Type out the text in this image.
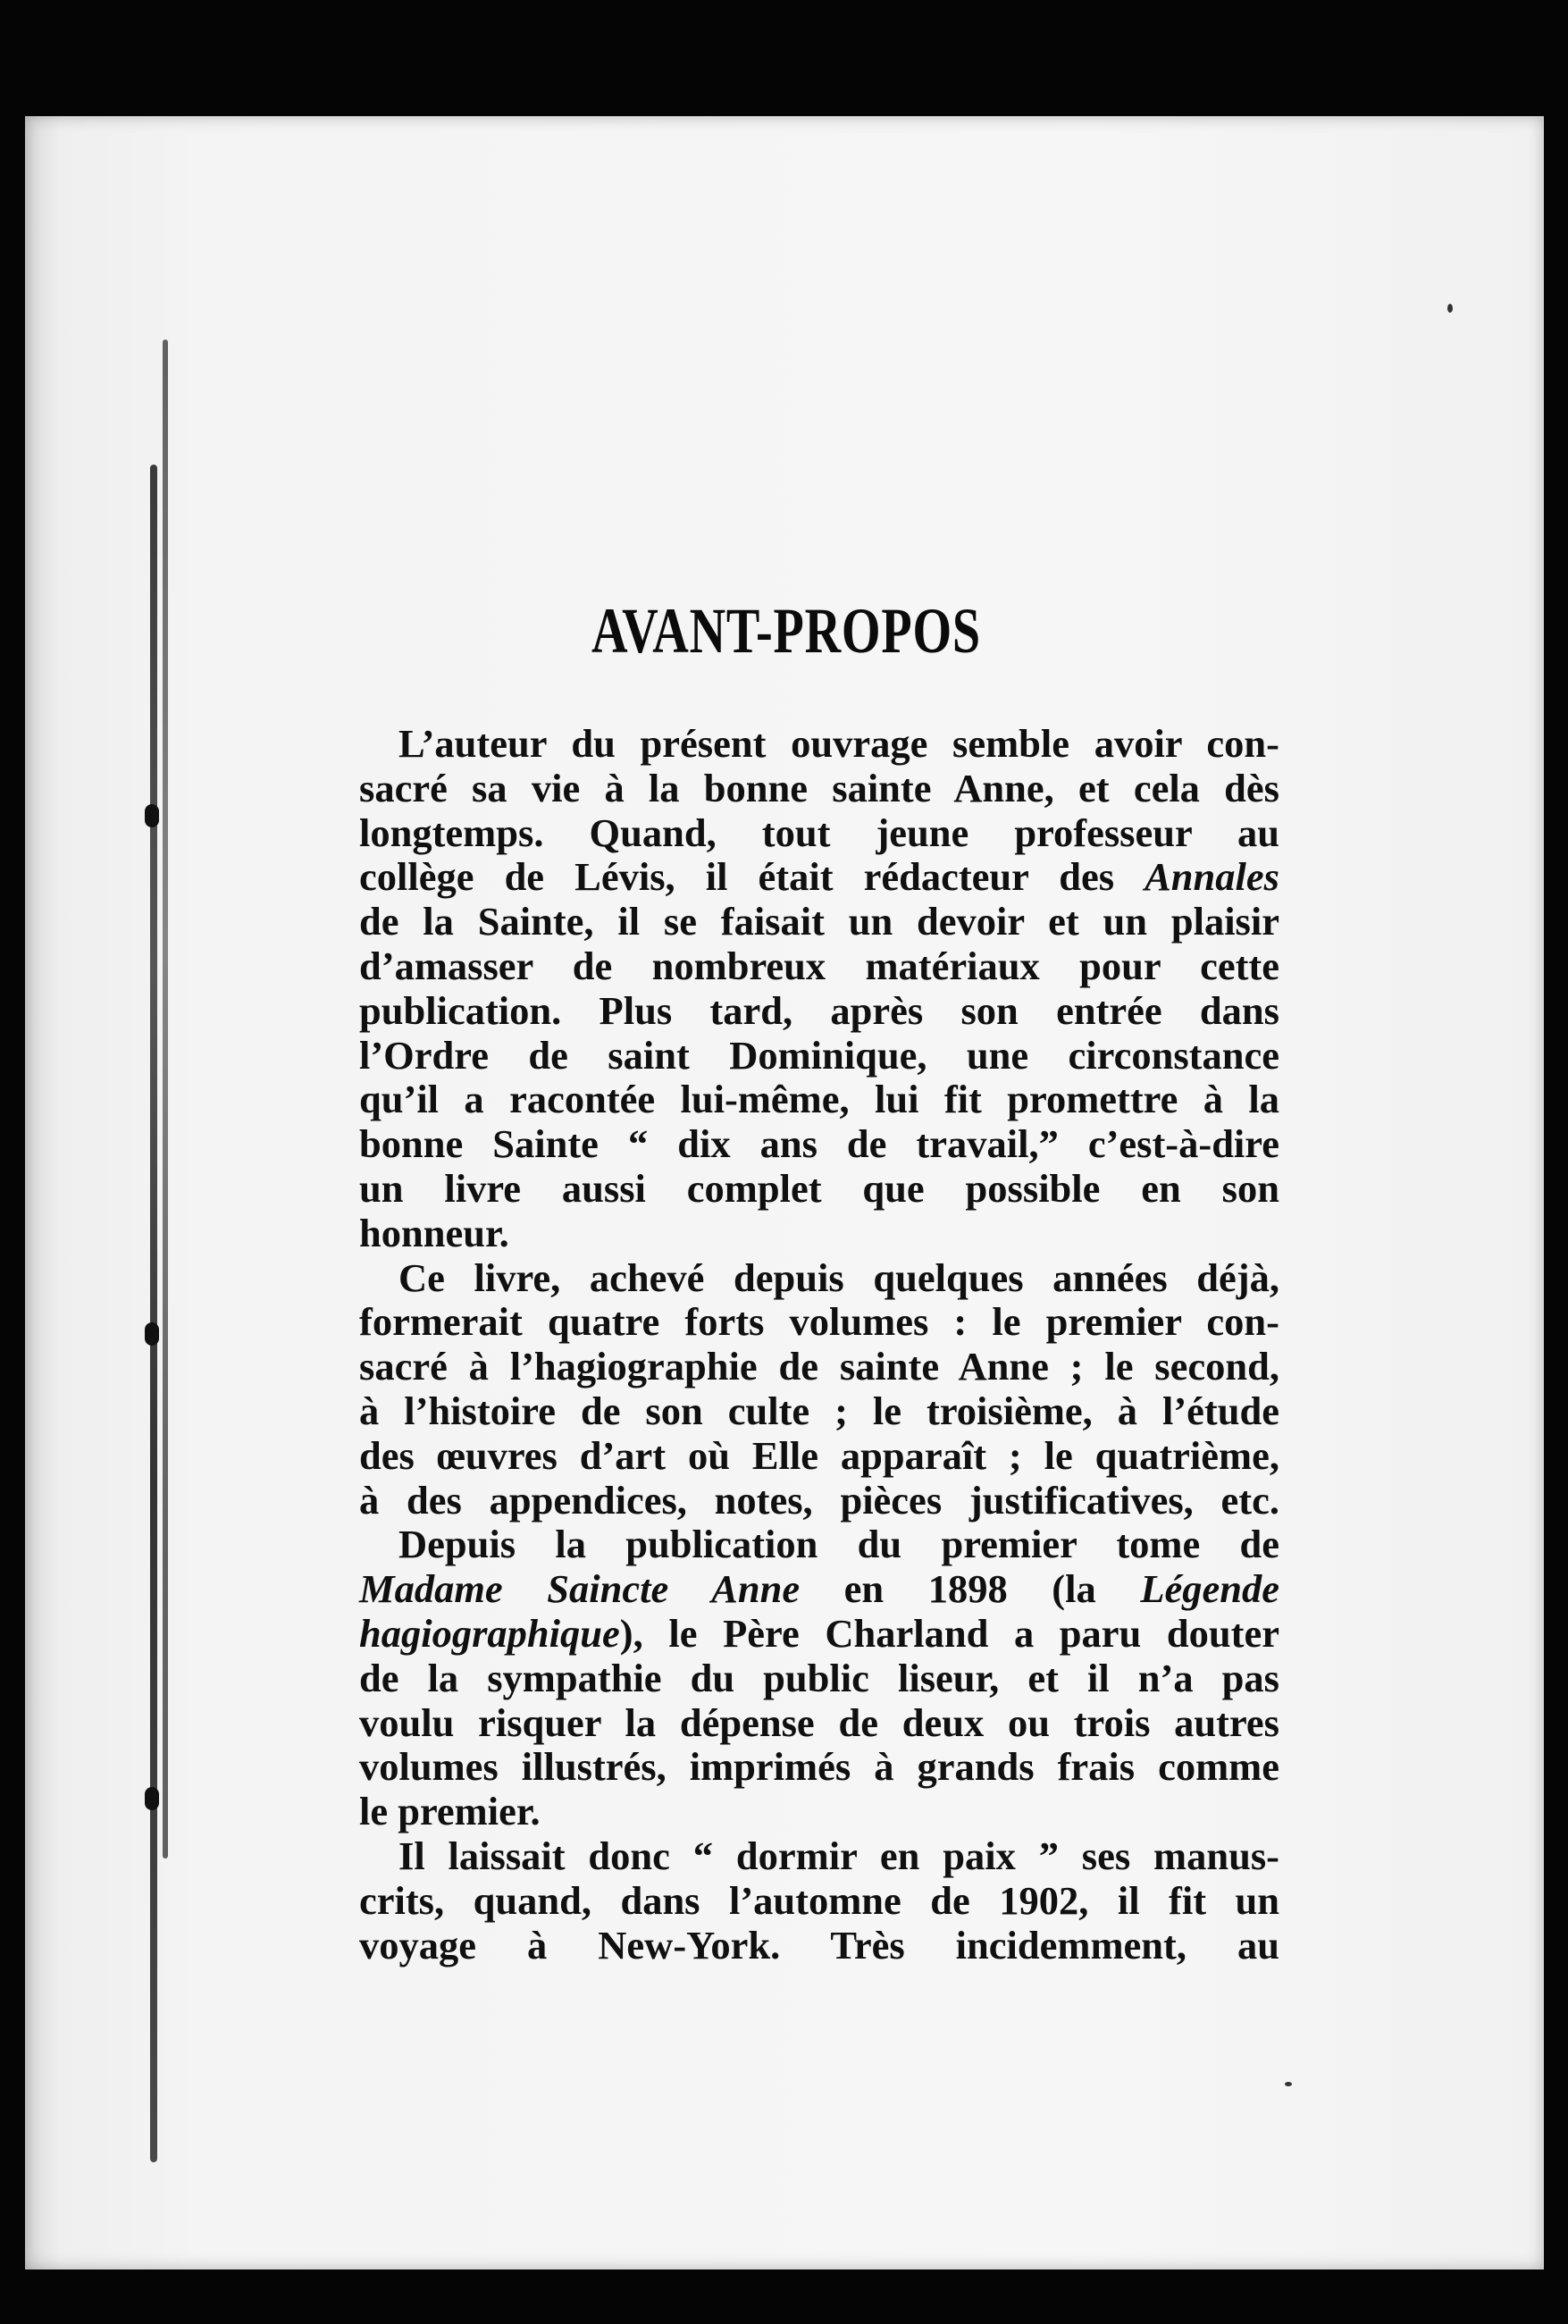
AVANT-PROPOS

L’auteur du présent ouvrage semble avoir con-

sacré sa vie à la bonne sainte Anne, et cela dès

longtemps. Quand, tout jeune professeur au

collège de Lévis, il était rédacteur des Annales

de la Sainte, il se faisait un devoir et un plaisir

d’amasser de nombreux matériaux pour cette

publication. Plus tard, après son entrée dans

l’Ordre de saint Dominique, une circonstance

qu’il a racontée lui-même, lui fit promettre à la

bonne Sainte “ dix ans de travail,” c’est-à-dire

un livre aussi complet que possible en son

honneur.

Ce livre, achevé depuis quelques années déjà,

formerait quatre forts volumes : le premier con-

sacré à l’hagiographie de sainte Anne ; le second,

à l’histoire de son culte ; le troisième, à l’étude

des œuvres d’art où Elle apparaît ; le quatrième,

à des appendices, notes, pièces justificatives, etc.

Depuis la publication du premier tome de

Madame Saincte Anne en 1898 (la Légende

hagiographique), le Père Charland a paru douter

de la sympathie du public liseur, et il n’a pas

voulu risquer la dépense de deux ou trois autres

volumes illustrés, imprimés à grands frais comme

le premier.

Il laissait donc “ dormir en paix ” ses manus-

crits, quand, dans l’automne de 1902, il fit un

voyage à New-York. Très incidemment, au
